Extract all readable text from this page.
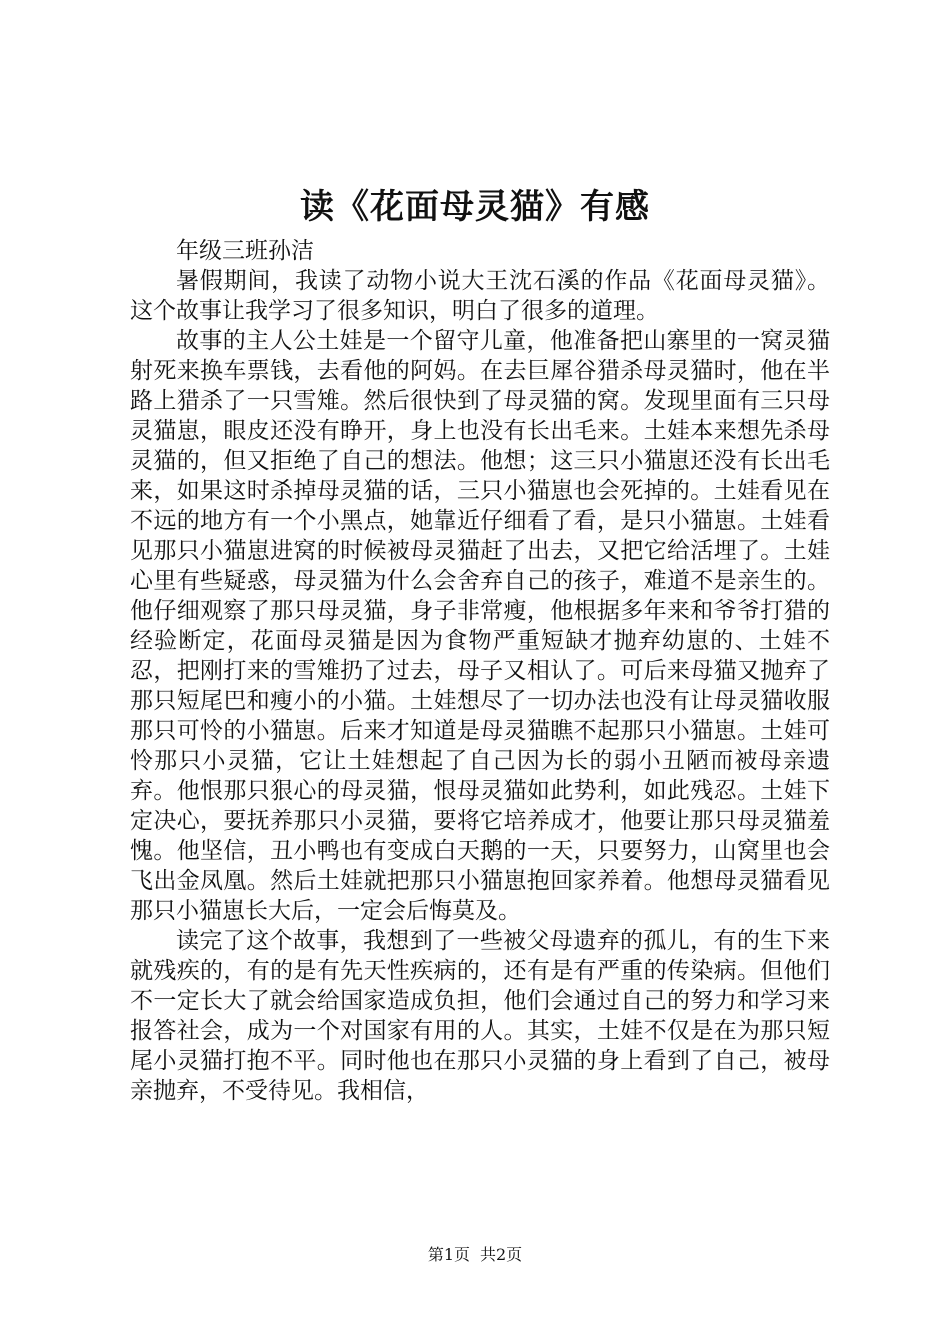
读《花面母灵猫》有感

年级三班孙洁

暑假期间，我读了动物小说大王沈石溪的作品《花面母灵猫》。这个故事让我学习了很多知识，明白了很多的道理。

故事的主人公土娃是一个留守儿童，他准备把山寨里的一窝灵猫射死来换车票钱，去看他的阿妈。在去巨犀谷猎杀母灵猫时，他在半路上猎杀了一只雪雉。然后很快到了母灵猫的窝。发现里面有三只母灵猫崽，眼皮还没有睁开，身上也没有长出毛来。土娃本来想先杀母灵猫的，但又拒绝了自己的想法。他想；这三只小猫崽还没有长出毛来，如果这时杀掉母灵猫的话，三只小猫崽也会死掉的。土娃看见在不远的地方有一个小黑点，她靠近仔细看了看，是只小猫崽。土娃看见那只小猫崽进窝的时候被母灵猫赶了出去，又把它给活埋了。土娃心里有些疑惑，母灵猫为什么会舍弃自己的孩子，难道不是亲生的。他仔细观察了那只母灵猫，身子非常瘦，他根据多年来和爷爷打猎的经验断定，花面母灵猫是因为食物严重短缺才抛弃幼崽的、土娃不忍，把刚打来的雪雉扔了过去，母子又相认了。可后来母猫又抛弃了那只短尾巴和瘦小的小猫。土娃想尽了一切办法也没有让母灵猫收服那只可怜的小猫崽。后来才知道是母灵猫瞧不起那只小猫崽。土娃可怜那只小灵猫，它让土娃想起了自己因为长的弱小丑陋而被母亲遗弃。他恨那只狠心的母灵猫，恨母灵猫如此势利，如此残忍。土娃下定决心，要抚养那只小灵猫，要将它培养成才，他要让那只母灵猫羞愧。他坚信，丑小鸭也有变成白天鹅的一天，只要努力，山窝里也会飞出金凤凰。然后土娃就把那只小猫崽抱回家养着。他想母灵猫看见那只小猫崽长大后，一定会后悔莫及。

读完了这个故事，我想到了一些被父母遗弃的孤儿，有的生下来就残疾的，有的是有先天性疾病的，还有是有严重的传染病。但他们不一定长大了就会给国家造成负担，他们会通过自己的努力和学习来报答社会，成为一个对国家有用的人。其实，土娃不仅是在为那只短尾小灵猫打抱不平。同时他也在那只小灵猫的身上看到了自己，被母亲抛弃，不受待见。我相信，

第1页 共2页
